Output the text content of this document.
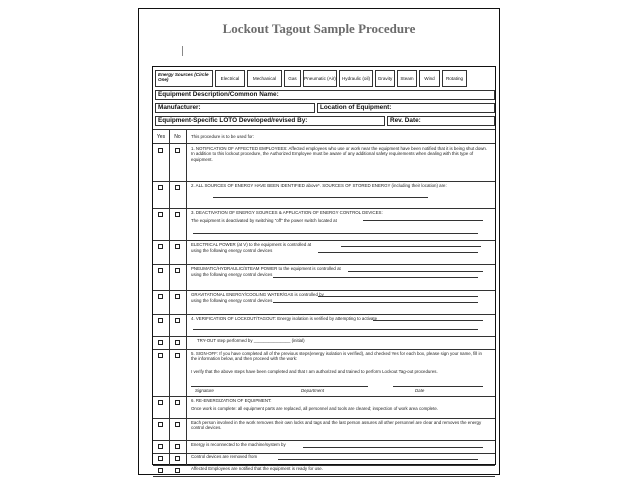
Lockout Tagout Sample Procedure
Energy Sources (Circle One)	Electrical	Mechanical	Gas	Pneumatic (Air)	Hydraulic (oil)	Gravity	Steam	Wind	Rotating
Equipment Description/Common Name:
Manufacturer:	Location of Equipment:
Equipment-Specific LOTO Developed/revised By:	Rev. Date:
Yes	No	This procedure is to be used for:
1. NOTIFICATION OF AFFECTED EMPLOYEES: Affected employees who use or work near the equipment have been notified that it is being shut down. In addition to this lockout procedure, the Authorized Employee must be aware of any additional safety requirements when dealing with this type of equipment.
2. ALL SOURCES OF ENERGY HAVE BEEN IDENTIFIED above*. SOURCES OF STORED ENERGY (including their location) are:
3. DEACTIVATION OF ENERGY SOURCES & APPLICATION OF ENERGY CONTROL DEVICES:
The equipment is deactivated by switching "off" the power switch located at
ELECTRICAL POWER (at V) to the equipment is controlled at
using the following energy control devices
PNEUMATIC/HYDRAULIC/STEAM POWER to the equipment is controlled at
using the following energy control devices
GRAVITATIONAL ENERGY/COOLING WATER/GAS is controlled by
using the following energy control devices
4. VERIFICATION OF LOCKOUT/TAGOUT: Energy isolation is verified by attempting to activate
TRY-OUT step performed by _______________ (initial)
5. SIGN-OFF: If you have completed all of the previous steps(energy isolation is verified), and checked Yes for each box, please sign your name, fill in the information below, and then proceed with the work:
I verify that the above steps have been completed and that I am authorized and trained to perform Lockout Tag-out procedures.
Signature	Department	Date
6. RE-ENERGIZATION OF EQUIPMENT:
Once work is complete: all equipment parts are replaced, all personnel and tools are cleared; inspection of work area complete.
Each person involved in the work removes their own locks and tags and the last person assures all other personnel are clear and removes the energy control devices.
Energy is reconnected to the machine/system by
Control devices are removed from
Affected Employees are notified that the equipment is ready for use.
